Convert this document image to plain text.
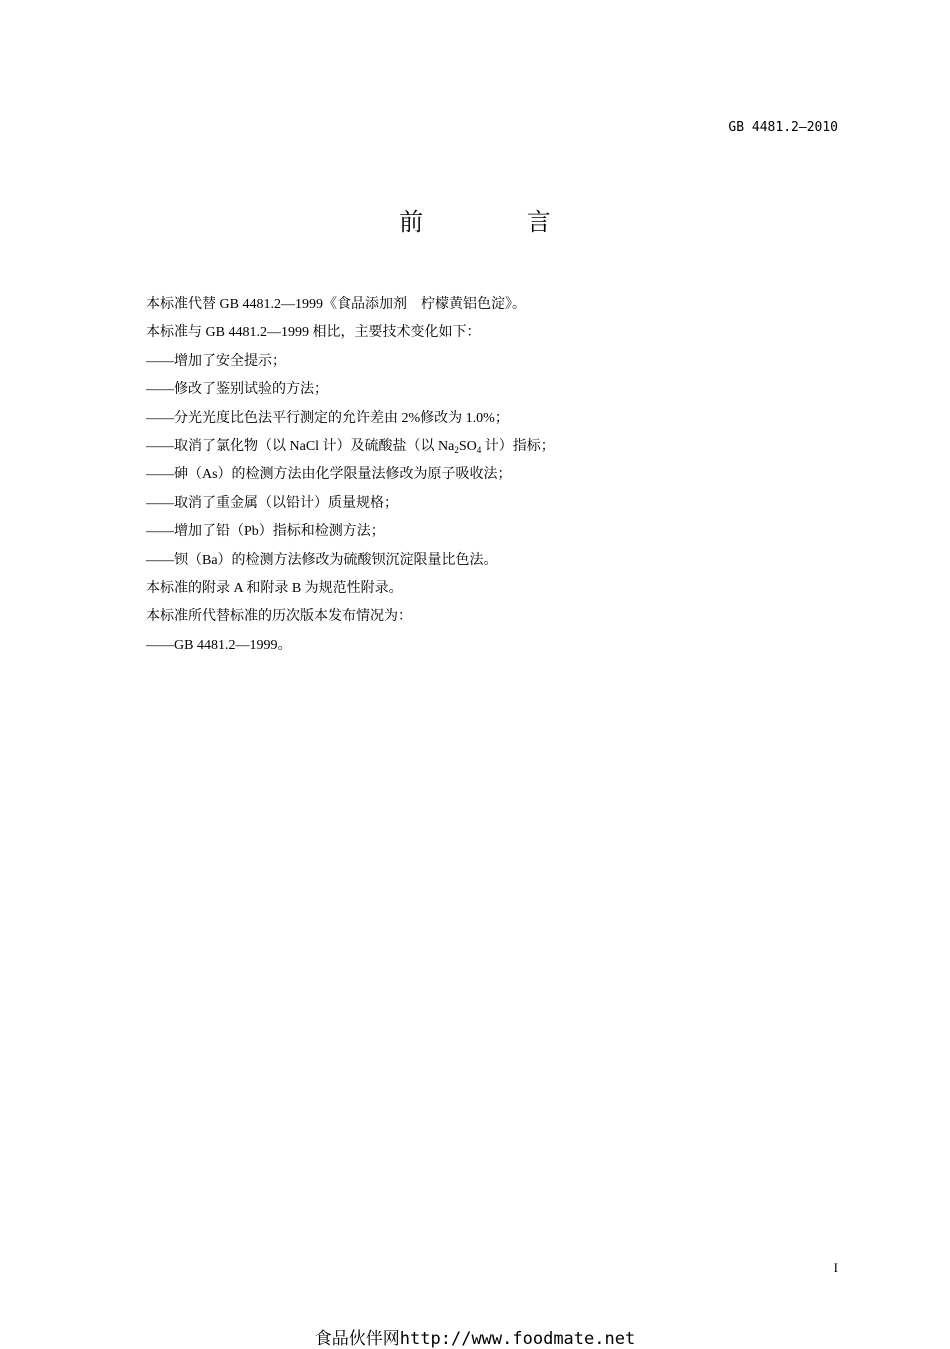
GB 4481.2—2010
前 言
本标准代替 GB 4481.2—1999《食品添加剂　柠檬黄铝色淀》。
本标准与 GB 4481.2—1999 相比，主要技术变化如下：
——增加了安全提示；
——修改了鉴别试验的方法；
——分光光度比色法平行测定的允许差由 2%修改为 1.0%；
——取消了氯化物（以 NaCl 计）及硫酸盐（以 $Na_2SO_4$ 计）指标；
——砷（As）的检测方法由化学限量法修改为原子吸收法；
——取消了重金属（以铅计）质量规格；
——增加了铅（Pb）指标和检测方法；
——钡（Ba）的检测方法修改为硫酸钡沉淀限量比色法。
本标准的附录 A 和附录 B 为规范性附录。
本标准所代替标准的历次版本发布情况为：
——GB 4481.2—1999。
I
食品伙伴网http://www.foodmate.net
